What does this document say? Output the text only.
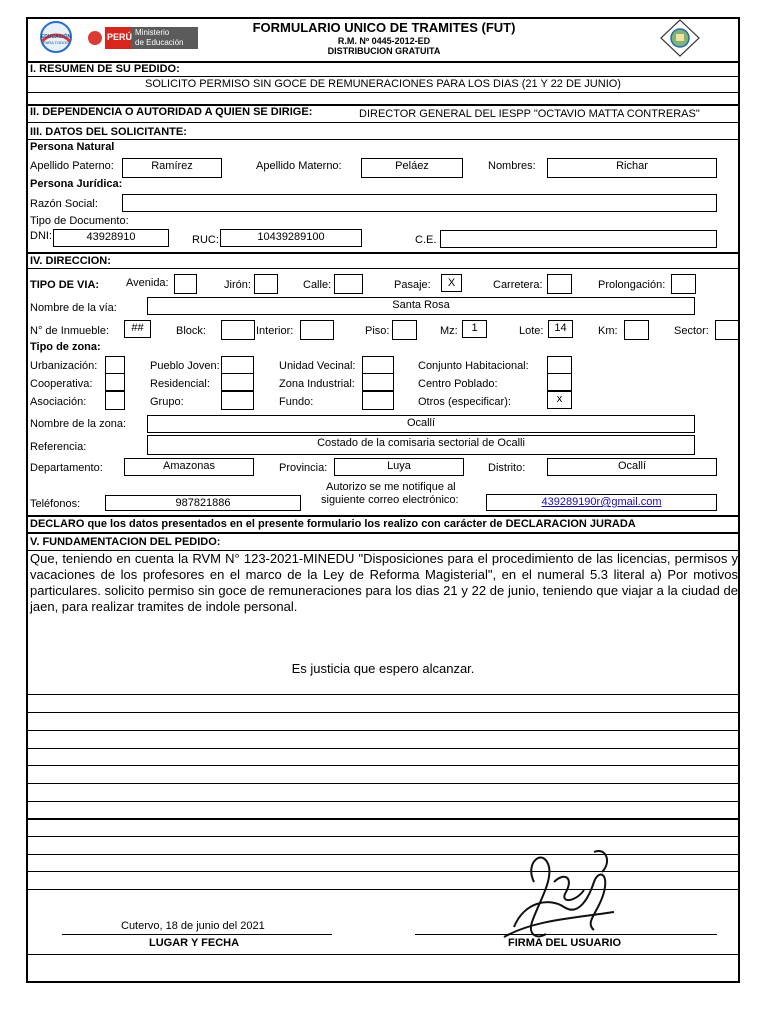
EDUCACIÓN
PARA TODOS
PERÚ Ministerio
de Educación
FORMULARIO UNICO DE TRAMITES (FUT)
R.M. Nº 0445-2012-ED
DISTRIBUCION GRATUITA
I. RESUMEN DE SU PEDIDO:
SOLICITO PERMISO SIN GOCE DE REMUNERACIONES PARA LOS DIAS (21 Y 22 DE JUNIO)
II. DEPENDENCIA O AUTORIDAD A QUIEN SE DIRIGE:	DIRECTOR GENERAL DEL IESPP "OCTAVIO MATTA CONTRERAS"
III. DATOS DEL SOLICITANTE:
Persona Natural
Apellido Paterno:	Ramírez	Apellido Materno:	Peláez	Nombres:	Richar
Persona Jurídica:
Razón Social:
Tipo de Documento:
DNI:	43928910	RUC:	10439289100	C.E.
IV. DIRECCION:
TIPO DE VIA: Avenida:	Jirón:	Calle:	Pasaje:	X	Carretera:	Prolongación:
Nombre de la vía:	Santa Rosa
N° de Inmueble:	##	Block:	Interior:	Piso:	Mz:	1	Lote: 14	Km:	Sector:
Tipo de zona:
Urbanización:	Pueblo Joven:	Unidad Vecinal:	Conjunto Habitacional:
Cooperativa:	Residencial:	Zona Industrial:	Centro Poblado:
Asociación:	Grupo:	Fundo:	Otros (especificar):	x
Nombre de la zona:	Ocallí
Referencia:	Costado de la comisaria sectorial de Ocalli
Departamento:	Amazonas	Provincia:	Luya	Distrito:	Ocallí
Autorizo se me notifique al
siguiente correo electrónico:
Teléfonos:	987821886	439289190r@gmail.com
DECLARO que los datos presentados en el presente formulario los realizo con carácter de DECLARACION JURADA
V. FUNDAMENTACION DEL PEDIDO:
Que, teniendo en cuenta la RVM N° 123-2021-MINEDU "Disposiciones para el procedimiento de las licencias, permisos y vacaciones de los profesores en el marco de la Ley de Reforma Magisterial", en el numeral 5.3 literal a) Por motivos particulares. solicito permiso sin goce de remuneraciones para los dias 21 y 22 de junio, teniendo que viajar a la ciudad de jaen, para realizar tramites de indole personal.
Es justicia que espero alcanzar.
Cutervo, 18 de junio del 2021
LUGAR Y FECHA	FIRMA DEL USUARIO
